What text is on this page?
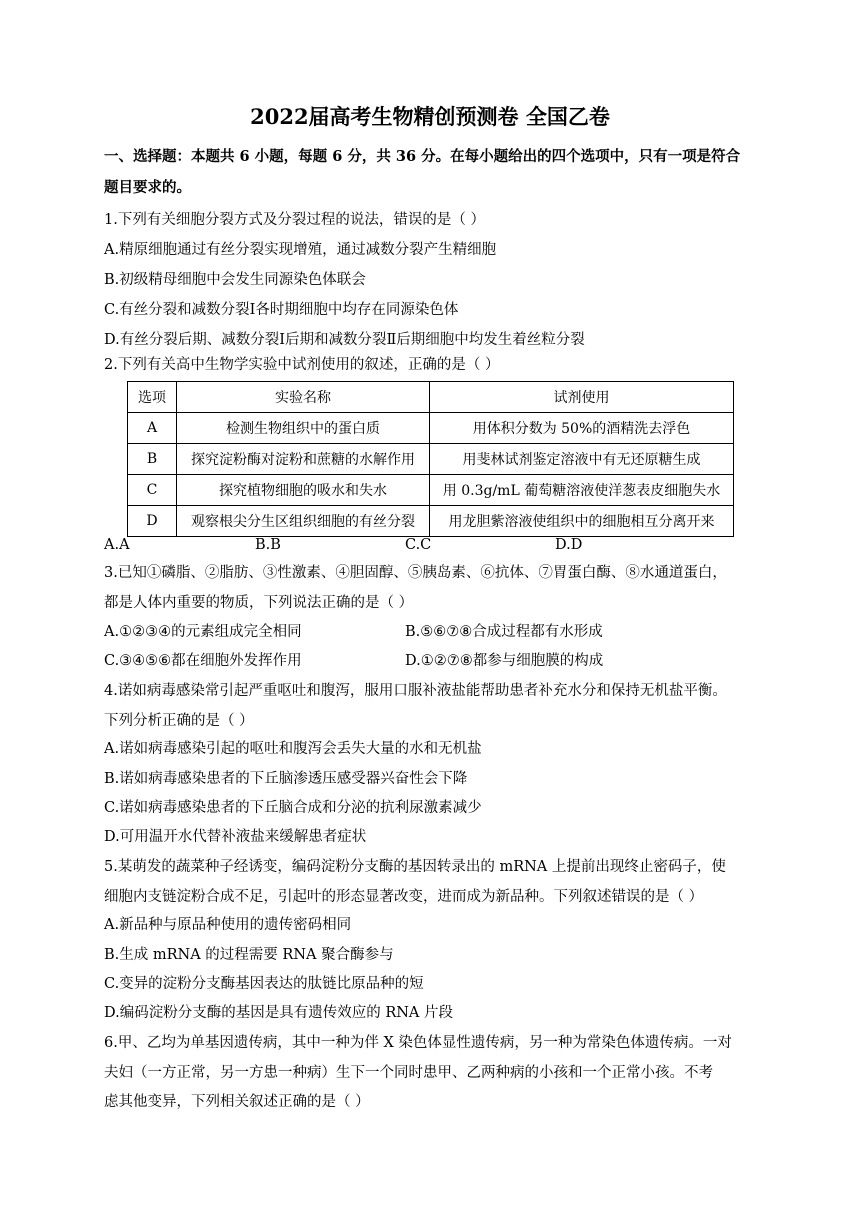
2022届高考生物精创预测卷 全国乙卷
一、选择题：本题共 6 小题，每题 6 分，共 36 分。在每小题给出的四个选项中，只有一项是符合
题目要求的。
1.下列有关细胞分裂方式及分裂过程的说法，错误的是（ ）
A.精原细胞通过有丝分裂实现增殖，通过减数分裂产生精细胞
B.初级精母细胞中会发生同源染色体联会
C.有丝分裂和减数分裂Ⅰ各时期细胞中均存在同源染色体
D.有丝分裂后期、减数分裂Ⅰ后期和减数分裂Ⅱ后期细胞中均发生着丝粒分裂
2.下列有关高中生物学实验中试剂使用的叙述，正确的是（ ）
选项	实验名称	试剂使用
A	检测生物组织中的蛋白质	用体积分数为 50%的酒精洗去浮色
B	探究淀粉酶对淀粉和蔗糖的水解作用	用斐林试剂鉴定溶液中有无还原糖生成
C	探究植物细胞的吸水和失水	用 0.3g/mL 葡萄糖溶液使洋葱表皮细胞失水
D	观察根尖分生区组织细胞的有丝分裂	用龙胆紫溶液使组织中的细胞相互分离开来
A.A	B.B	C.C	D.D
3.已知①磷脂、②脂肪、③性激素、④胆固醇、⑤胰岛素、⑥抗体、⑦胃蛋白酶、⑧水通道蛋白，
都是人体内重要的物质，下列说法正确的是（ ）
A.①②③④的元素组成完全相同	B.⑤⑥⑦⑧合成过程都有水形成
C.③④⑤⑥都在细胞外发挥作用	D.①②⑦⑧都参与细胞膜的构成
4.诺如病毒感染常引起严重呕吐和腹泻，服用口服补液盐能帮助患者补充水分和保持无机盐平衡。
下列分析正确的是（ ）
A.诺如病毒感染引起的呕吐和腹泻会丢失大量的水和无机盐
B.诺如病毒感染患者的下丘脑渗透压感受器兴奋性会下降
C.诺如病毒感染患者的下丘脑合成和分泌的抗利尿激素减少
D.可用温开水代替补液盐来缓解患者症状
5.某萌发的蔬菜种子经诱变，编码淀粉分支酶的基因转录出的 mRNA 上提前出现终止密码子，使
细胞内支链淀粉合成不足，引起叶的形态显著改变，进而成为新品种。下列叙述错误的是（ ）
A.新品种与原品种使用的遗传密码相同
B.生成 mRNA 的过程需要 RNA 聚合酶参与
C.变异的淀粉分支酶基因表达的肽链比原品种的短
D.编码淀粉分支酶的基因是具有遗传效应的 RNA 片段
6.甲、乙均为单基因遗传病，其中一种为伴 X 染色体显性遗传病，另一种为常染色体遗传病。一对
夫妇（一方正常，另一方患一种病）生下一个同时患甲、乙两种病的小孩和一个正常小孩。不考
虑其他变异，下列相关叙述正确的是（ ）
